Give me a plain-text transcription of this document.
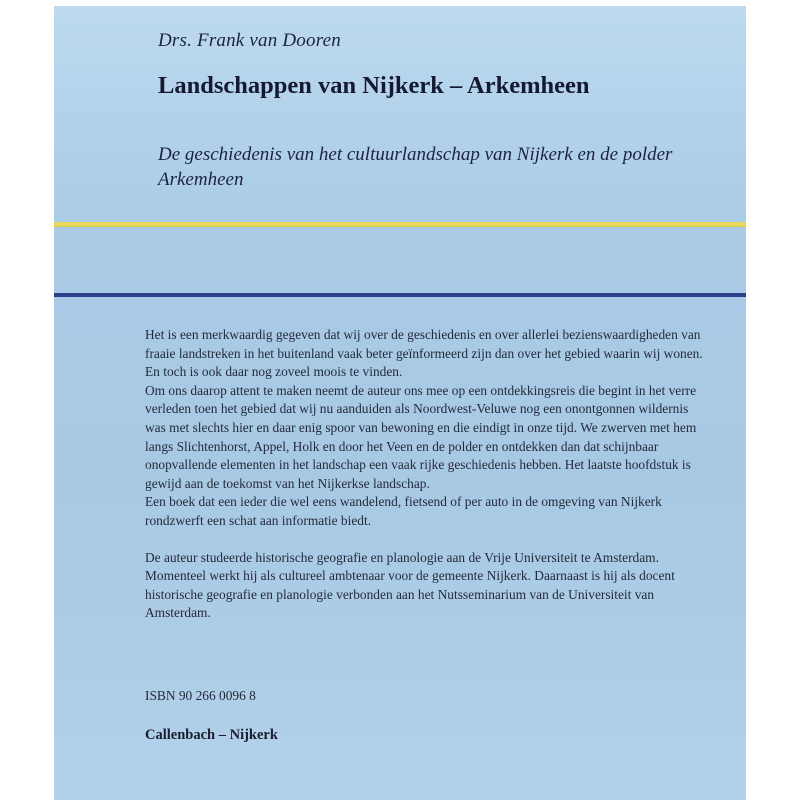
Drs. Frank van Dooren
Landschappen van Nijkerk – Arkemheen
De geschiedenis van het cultuurlandschap van Nijkerk en de polder Arkemheen

Het is een merkwaardig gegeven dat wij over de geschiedenis en over allerlei bezienswaardigheden van fraaie landstreken in het buitenland vaak beter geïnformeerd zijn dan over het gebied waarin wij wonen. En toch is ook daar nog zoveel moois te vinden.

Om ons daarop attent te maken neemt de auteur ons mee op een ontdekkingsreis die begint in het verre verleden toen het gebied dat wij nu aanduiden als Noordwest-Veluwe nog een onontgonnen wildernis was met slechts hier en daar enig spoor van bewoning en die eindigt in onze tijd. We zwerven met hem langs Slichtenhorst, Appel, Holk en door het Veen en de polder en ontdekken dan dat schijnbaar onopvallende elementen in het landschap een vaak rijke geschiedenis hebben. Het laatste hoofdstuk is gewijd aan de toekomst van het Nijkerkse landschap.

Een boek dat een ieder die wel eens wandelend, fietsend of per auto in de omgeving van Nijkerk rondzwerft een schat aan informatie biedt.

De auteur studeerde historische geografie en planologie aan de Vrije Universiteit te Amsterdam. Momenteel werkt hij als cultureel ambtenaar voor de gemeente Nijkerk. Daarnaast is hij als docent historische geografie en planologie verbonden aan het Nutsseminarium van de Universiteit van Amsterdam.

ISBN 90 266 0096 8
Callenbach – Nijkerk
